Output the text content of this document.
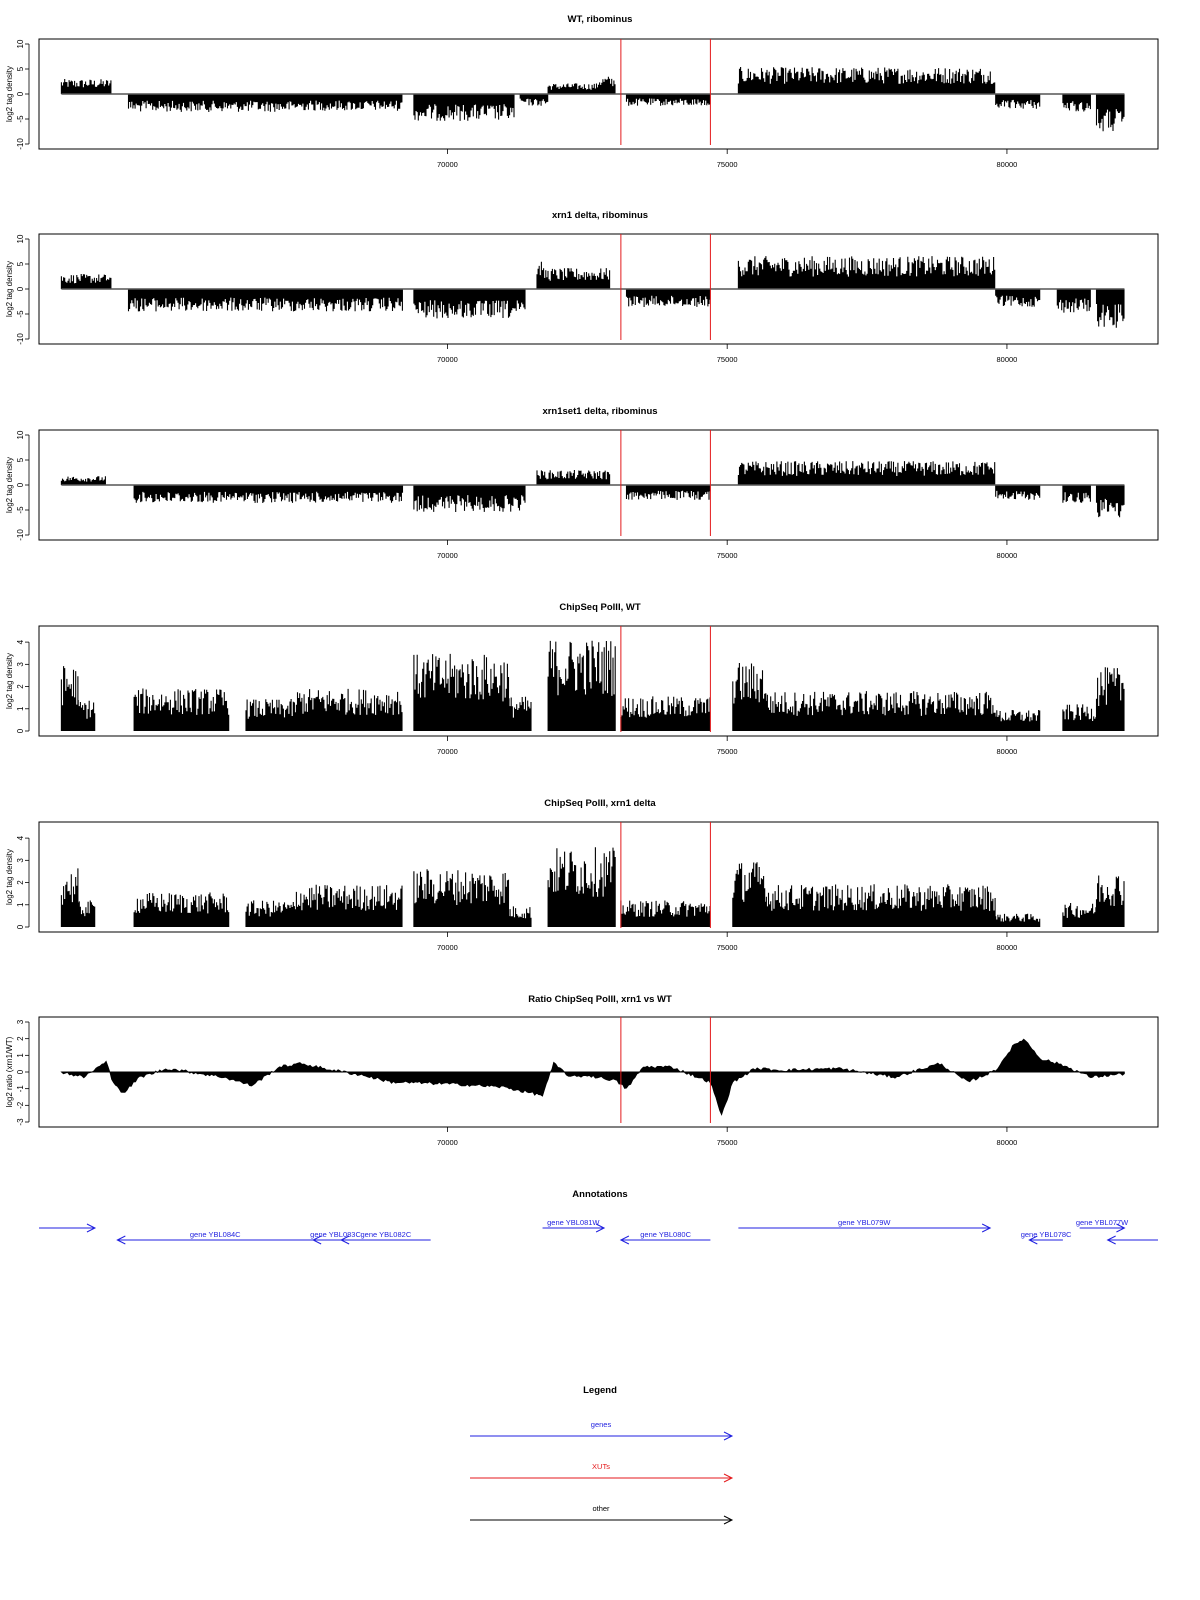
WT, ribominus
10
5
0
-5
-10
log2 tag density
70000	75000	80000
xrn1 delta, ribominus
10
5
0
-5
-10
log2 tag density
70000	75000	80000
xrn1set1 delta, ribominus
10
5
0
-5
-10
log2 tag density
70000	75000	80000
ChipSeq PolII, WT
0
1
2
3
4
log2 tag density
70000	75000	80000
ChipSeq PolII, xrn1 delta
0
1
2
3
4
log2 tag density
70000	75000	80000
Ratio ChipSeq PolII, xrn1 vs WT
3
2
1
0
-1
-2
-3
log2 ratio (xrn1/WT)
70000	75000	80000
Annotations
gene YBL084C	gene YBL083C gene YBL082C
gene YBL081W
gene YBL080C
gene YBL079W
gene YBL078C
gene YBL077W
Legend
genes
XUTs
other
